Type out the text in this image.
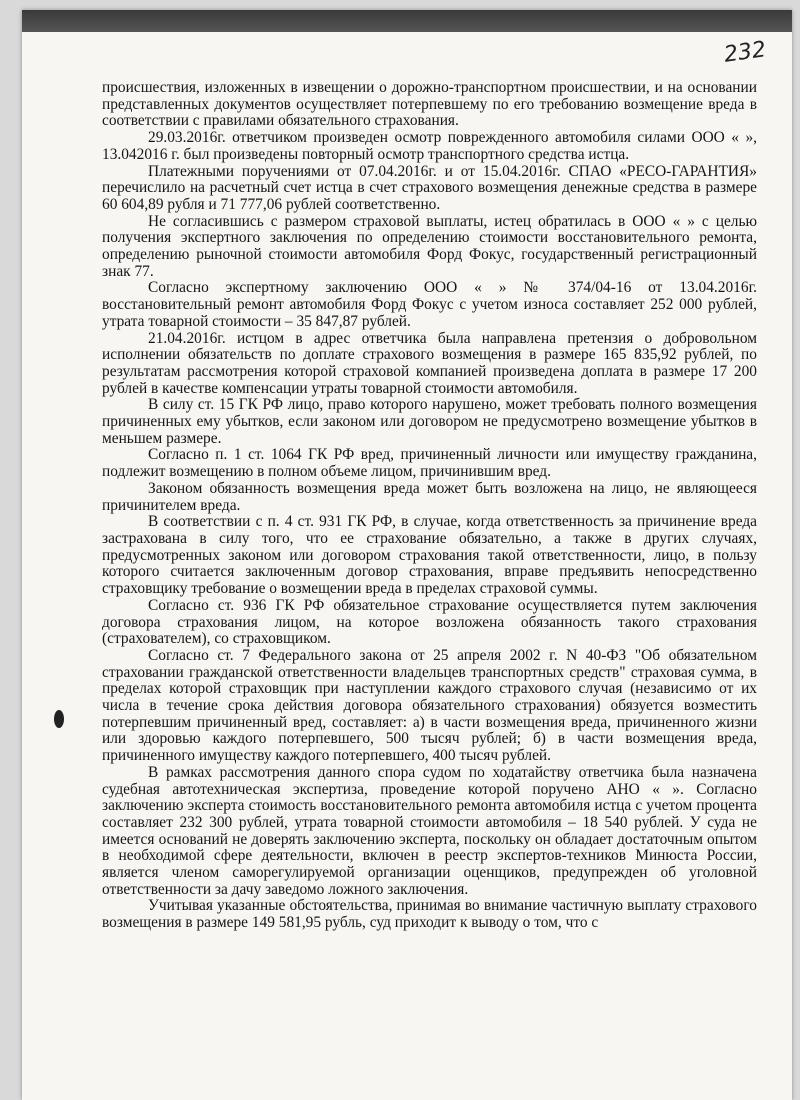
232

происшествия, изложенных в извещении о дорожно-транспортном происшествии, и на основании представленных документов осуществляет потерпевшему по его требованию возмещение вреда в соответствии с правилами обязательного страхования.

29.03.2016г. ответчиком произведен осмотр поврежденного автомобиля силами ООО « », 13.042016 г. был произведены повторный осмотр транспортного средства истца.

Платежными поручениями от 07.04.2016г. и от 15.04.2016г. СПАО «РЕСО-ГАРАНТИЯ» перечислило на расчетный счет истца в счет страхового возмещения денежные средства в размере 60 604,89 рубля и 71 777,06 рублей соответственно.

Не согласившись с размером страховой выплаты, истец обратилась в ООО « » с целью получения экспертного заключения по определению стоимости восстановительного ремонта, определению рыночной стоимости автомобиля Форд Фокус, государственный регистрационный знак 77.

Согласно экспертному заключению ООО « » № 374/04-16 от 13.04.2016г. восстановительный ремонт автомобиля Форд Фокус с учетом износа составляет 252 000 рублей, утрата товарной стоимости – 35 847,87 рублей.

21.04.2016г. истцом в адрес ответчика была направлена претензия о добровольном исполнении обязательств по доплате страхового возмещения в размере 165 835,92 рублей, по результатам рассмотрения которой страховой компанией произведена доплата в размере 17 200 рублей в качестве компенсации утраты товарной стоимости автомобиля.

В силу ст. 15 ГК РФ лицо, право которого нарушено, может требовать полного возмещения причиненных ему убытков, если законом или договором не предусмотрено возмещение убытков в меньшем размере.

Согласно п. 1 ст. 1064 ГК РФ вред, причиненный личности или имуществу гражданина, подлежит возмещению в полном объеме лицом, причинившим вред.

Законом обязанность возмещения вреда может быть возложена на лицо, не являющееся причинителем вреда.

В соответствии с п. 4 ст. 931 ГК РФ, в случае, когда ответственность за причинение вреда застрахована в силу того, что ее страхование обязательно, а также в других случаях, предусмотренных законом или договором страхования такой ответственности, лицо, в пользу которого считается заключенным договор страхования, вправе предъявить непосредственно страховщику требование о возмещении вреда в пределах страховой суммы.

Согласно ст. 936 ГК РФ обязательное страхование осуществляется путем заключения договора страхования лицом, на которое возложена обязанность такого страхования (страхователем), со страховщиком.

Согласно ст. 7 Федерального закона от 25 апреля 2002 г. N 40-ФЗ "Об обязательном страховании гражданской ответственности владельцев транспортных средств" страховая сумма, в пределах которой страховщик при наступлении каждого страхового случая (независимо от их числа в течение срока действия договора обязательного страхования) обязуется возместить потерпевшим причиненный вред, составляет: а) в части возмещения вреда, причиненного жизни или здоровью каждого потерпевшего, 500 тысяч рублей; б) в части возмещения вреда, причиненного имуществу каждого потерпевшего, 400 тысяч рублей.

В рамках рассмотрения данного спора судом по ходатайству ответчика была назначена судебная автотехническая экспертиза, проведение которой поручено АНО « ». Согласно заключению эксперта стоимость восстановительного ремонта автомобиля истца с учетом процента составляет 232 300 рублей, утрата товарной стоимости автомобиля – 18 540 рублей. У суда не имеется оснований не доверять заключению эксперта, поскольку он обладает достаточным опытом в необходимой сфере деятельности, включен в реестр экспертов-техников Минюста России, является членом саморегулируемой организации оценщиков, предупрежден об уголовной ответственности за дачу заведомо ложного заключения.

Учитывая указанные обстоятельства, принимая во внимание частичную выплату страхового возмещения в размере 149 581,95 рубль, суд приходит к выводу о том, что с
